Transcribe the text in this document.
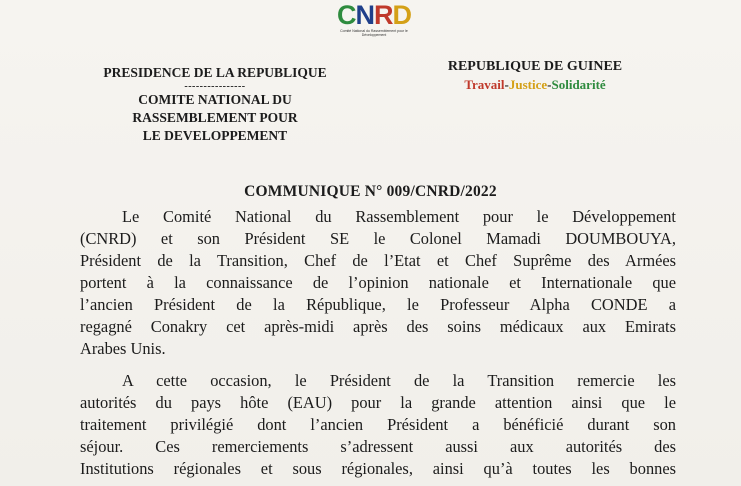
CNRD
Comité National du Rassemblement pour le Développement
PRESIDENCE DE LA REPUBLIQUE
----------------
COMITE NATIONAL DU
RASSEMBLEMENT POUR
LE DEVELOPPEMENT
REPUBLIQUE DE GUINEE
Travail-Justice-Solidarité
COMMUNIQUE N° 009/CNRD/2022
Le Comité National du Rassemblement pour le Développement
(CNRD) et son Président SE le Colonel Mamadi DOUMBOUYA,
Président de la Transition, Chef de l’Etat et Chef Suprême des Armées
portent à la connaissance de l’opinion nationale et Internationale que
l’ancien Président de la République, le Professeur Alpha CONDE a
regagné Conakry cet après-midi après des soins médicaux aux Emirats
Arabes Unis.
A cette occasion, le Président de la Transition remercie les
autorités du pays hôte (EAU) pour la grande attention ainsi que le
traitement privilégié dont l’ancien Président a bénéficié durant son
séjour. Ces remerciements s’adressent aussi aux autorités des
Institutions régionales et sous régionales, ainsi qu’à toutes les bonnes
